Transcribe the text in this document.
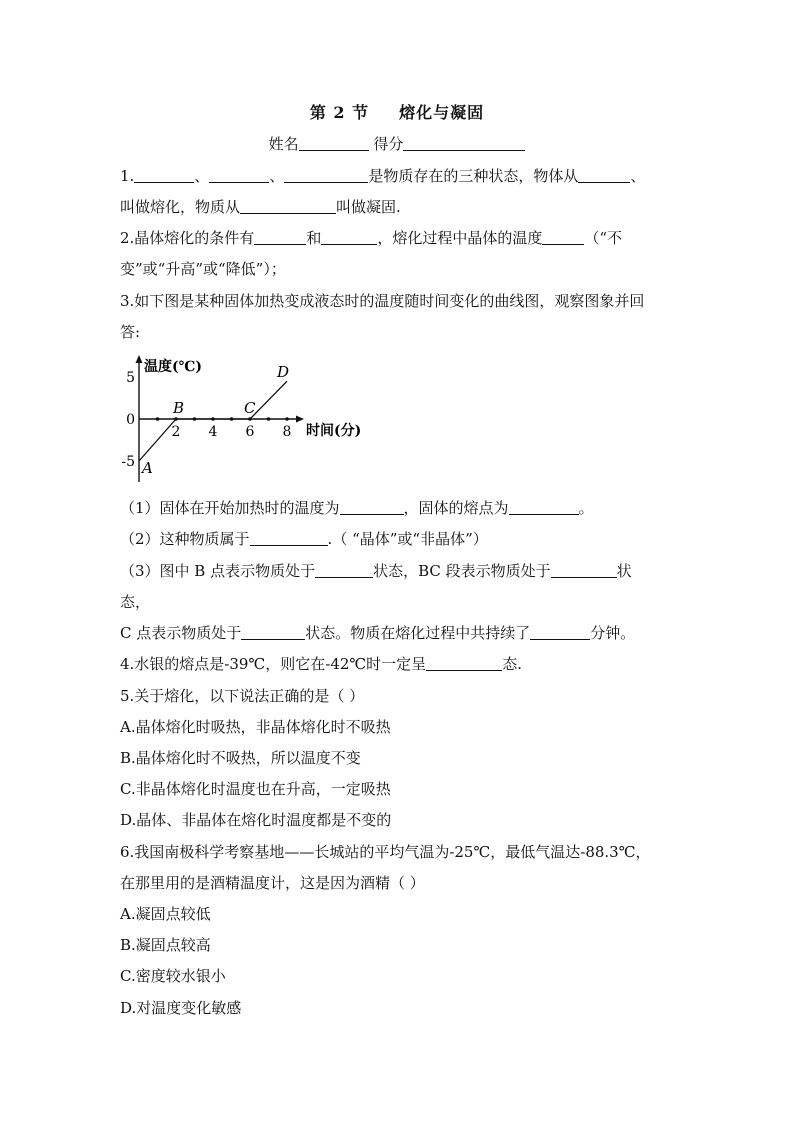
第 2 节 熔化与凝固
姓名	得分
1.	、	、	是物质存在的三种状态，物体从	、
叫做熔化，物质从	叫做凝固.
2.晶体熔化的条件有	和	，熔化过程中晶体的温度	（“不
变”或“升高”或“降低”）；
3.如下图是某种固体加热变成液态时的温度随时间变化的曲线图，观察图象并回
答:
2 4 6 8
5
0
-5 A
B	C
D
温度(℃)
时间(分)
（1）固体在开始加热时的温度为	，固体的熔点为	。
（2）这种物质属于	.（ “晶体”或“非晶体”）
（3）图中 B 点表示物质处于	状态，BC 段表示物质处于	状
态，
C 点表示物质处于	状态。物质在熔化过程中共持续了	分钟。
4.水银的熔点是-39℃，则它在-42℃时一定呈	态.
5.关于熔化，以下说法正确的是（ ）
A.晶体熔化时吸热，非晶体熔化时不吸热
B.晶体熔化时不吸热，所以温度不变
C.非晶体熔化时温度也在升高，一定吸热
D.晶体、非晶体在熔化时温度都是不变的
6.我国南极科学考察基地——长城站的平均气温为-25℃，最低气温达-88.3℃，
在那里用的是酒精温度计，这是因为酒精（ ）
A.凝固点较低
B.凝固点较高
C.密度较水银小
D.对温度变化敏感
